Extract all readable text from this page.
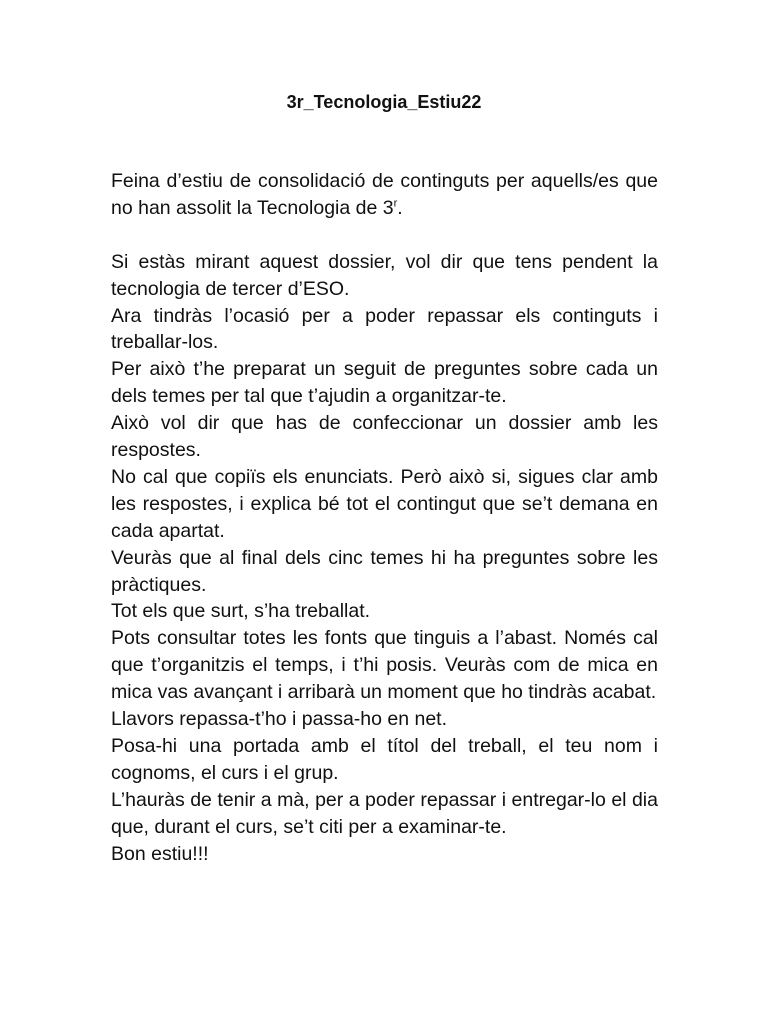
3r_Tecnologia_Estiu22

Feina d’estiu de consolidació de continguts per aquells/es que no han assolit la Tecnologia de 3$^r$.

Si estàs mirant aquest dossier, vol dir que tens pendent la tecnologia de tercer d’ESO.

Ara tindràs l’ocasió per a poder repassar els continguts i treballar-los.

Per això t’he preparat un seguit de preguntes sobre cada un dels temes per tal que t’ajudin a organitzar-te.

Això vol dir que has de confeccionar un dossier amb les respostes.

No cal que copiïs els enunciats. Però això si, sigues clar amb les respostes, i explica bé tot el contingut que se’t demana en cada apartat.

Veuràs que al final dels cinc temes hi ha preguntes sobre les pràctiques.

Tot els que surt, s’ha treballat.

Pots consultar totes les fonts que tinguis a l’abast. Només cal que t’organitzis el temps, i t’hi posis. Veuràs com de mica en mica vas avançant i arribarà un moment que ho tindràs acabat.

Llavors repassa-t’ho i passa-ho en net.

Posa-hi una portada amb el títol del treball, el teu nom i cognoms, el curs i el grup.

L’hauràs de tenir a mà, per a poder repassar i entregar-lo el dia que, durant el curs, se’t citi per a examinar-te.

Bon estiu!!!
